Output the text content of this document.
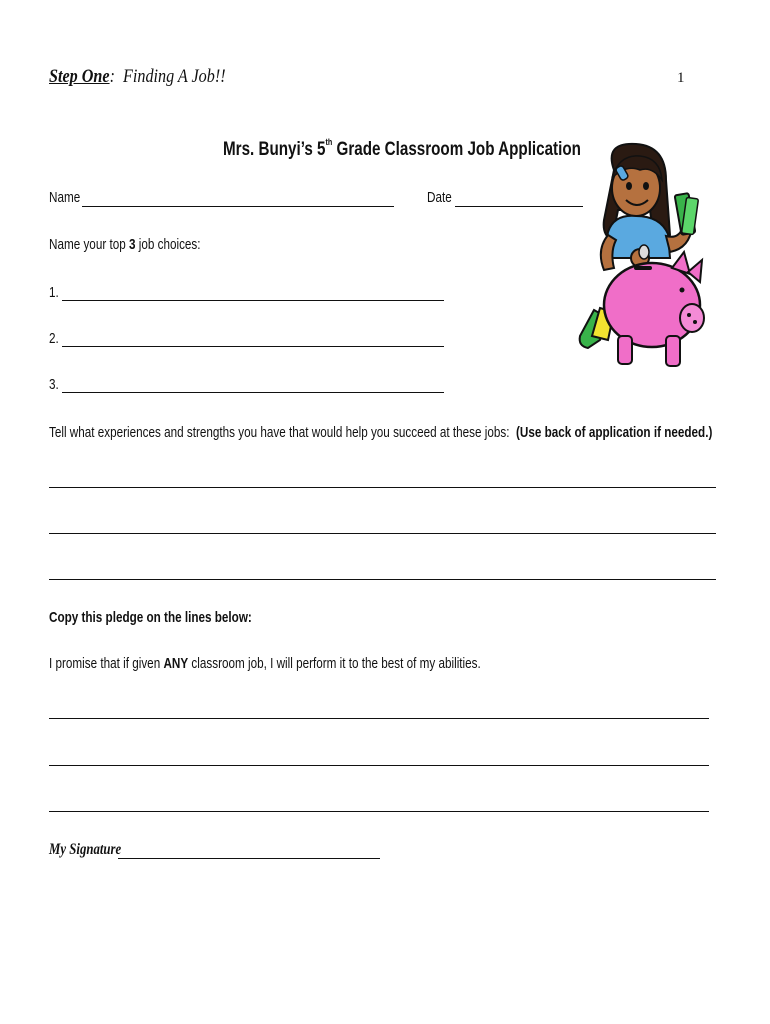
Step One:  Finding A Job!!	1
Mrs. Bunyi’s 5th Grade Classroom Job Application
Name	Date
Name your top 3 job choices:
1.
2.
3.
Tell what experiences and strengths you have that would help you succeed at these jobs: (Use back of application if needed.)
Copy this pledge on the lines below:
I promise that if given ANY classroom job, I will perform it to the best of my abilities.
My Signature
